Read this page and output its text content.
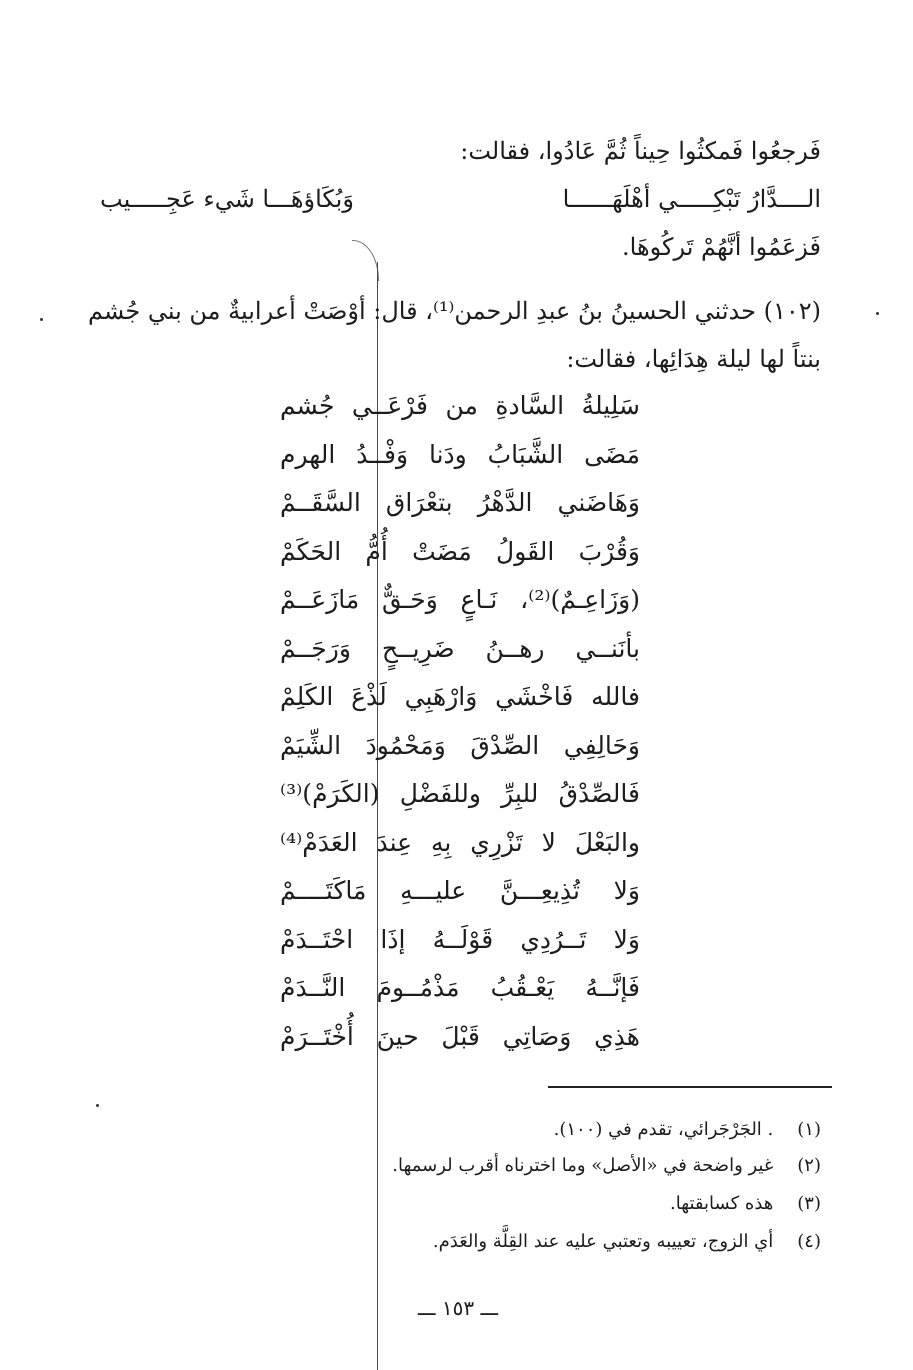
فَرجعُوا فَمكثُوا حِيناً ثُمَّ عَادُوا، فقالت:
الــــدَّارُ تَبْكِـــــي أهْلَهَــــــا
وَبُكَاؤهَـــا شَيء عَجِـــــيب
فَزعَمُوا أنَّهُمْ تَركُوهَا.
(١٠٢) حدثني الحسينُ بنُ عبدِ الرحمن⁽¹⁾، قال: أوْصَتْ أعرابيةٌ من بني جُشم
بنتاً لها ليلة هِدَائِها، فقالت:
سَلِيلةُ السَّادةِ من فَرْعَــي جُشم
مَضَى الشَّبَابُ ودَنا وَفْــدُ الهرم
وَهَاضَني الدَّهْرُ بتعْرَاق السَّقَــمْ
وَقُرْبَ القَولُ مَضَتْ أُمُّ الحَكَمْ
(وَزَاعِـمٌ)⁽²⁾، نَـاعٍ وَحَـقٌّ مَازَعَــمْ
بأنَنــي رهــنُ ضَرِيــحٍ وَرَجَــمْ
فالله فَاخْشَي وَارْهَبِي لَذْعَ الكَلِمْ
وَحَالِفِي الصِّدْقَ وَمَحْمُودَ الشِّيَمْ
فَالصِّدْقُ للبِرِّ وللفَضْلِ (الكَرَمْ)⁽³⁾
والبَعْلَ لا تَزْرِي بِهِ عِندَ العَدَمْ⁽⁴⁾
وَلا تُذِيعِـــنَّ عليـــهِ مَاكَتَــــمْ
وَلا تَــرُدِي قَوْلَــهُ إذَا احْتَــدَمْ
فَإنَّــهُ يَعْـقُبُ مَذْمُــومَ النَّــدَمْ
هَذِي وَصَاتِي قَبْلَ حينَ أُخْتَــرَمْ
(١) . الجَرْجَرائي، تقدم في (١٠٠).
(٢) غير واضحة في «الأصل» وما اخترناه أقرب لرسمها.
(٣) هذه كسابقتها.
(٤) أي الزوج، تعييبه وتعتبي عليه عند القِلَّة والعَدَم.
ـــ ١٥٣ ـــ
